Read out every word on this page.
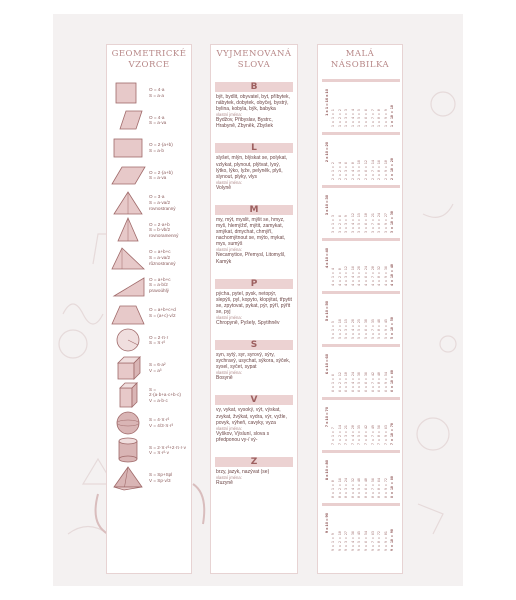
GEOMETRICKÉ
VZORCE
O = 4·a
S = a·a
O = 4·a
S = a·va
O = 2·(a+b)
S = a·b
O = 2·(a+b)
S = a·va
O = 3·a
S = a·va/2
rovnostranný
O = 2·a+b
S = b·vb/2
rovnoramenný
O = a+b+c
S = a·va/2
různostranný
O = a+b+c
S = a·b/2
pravoúhlý
O = a+b+c+d
S = (a+c)·v/2
O = 2·π·r
S = π·r²
S = 6·a²
V = a³
S = 2·(a·b+a·c+b·c)
V = a·b·c
S = 4·π·r²
V = 4/3·π·r³
S = 2·π·r²+2·π·r·v
V = π·r²·v
S = Sp+Spl
V = Sp·v/3
VYJMENOVANÁ
SLOVA
B
být, bydlit, obyvatel, byt, příbytek, nábytek, dobytek, obyčej, bystrý, bylina, kobyla, býk, babyka
vlastní jména:
Bydžov, Přibyslav, Bystrc, Hrabyně, Zbyněk, Zbyšek
L
slyšet, mlýn, blýskat se, polykat, vzlykat, plynout, plýtvat, lysý, lýtko, lýko, lyže, pelyněk, plyš, slynout, plyky, vlys
vlastní jména:
Volyně
M
my, mýt, myslit, mýlit se, hmyz, myš, hlemýžď, mýtit, zamykat, smýkat, dmychat, chmýří, nachomýtnout se, mýto, mykat, mys, sumýš
vlastní jména:
Necamytice, Přemysl, Litomyšl, Kamýk
P
pýcha, pytel, pysk, netopýr, slepýš, pyl, kopyto, klopýtat, třpytit se, zpytovat, pykat, pýr, pýří, pýřit se, pyj
vlastní jména:
Chropyně, Pyšely, Spytihněv
S
syn, sytý, syr, syrový, sýry, sychravý, usychat, sýkora, sýček, sysel, syčet, sypat
vlastní jména:
Bosyně
V
vy, vykat, vysoký, výt, výskat, zvykat, žvýkat, vydra, výr, vyžle, povyk, výheň, cavyky, vyza
vlastní jména:
Vyškov, Výsluní, slova s předponou vy-/ vý-
Z
brzy, jazyk, nazývat (se)
vlastní jména:
Ruzyně
MALÁ
NÁSOBILKA
1 x 1 = 10 x 10
1 x 1 = 1 1 x 2 = 2 1 x 3 = 3 1 x 4 = 4 1 x 5 = 5 1 x 6 = 6 1 x 7 = 7 1 x 8 = 8 1 x 9 = 9 1 x 10 = 10
2 x 10 = 20
2 x 1 = 2 2 x 2 = 4 2 x 3 = 6 2 x 4 = 8 2 x 5 = 10 2 x 6 = 12 2 x 7 = 14 2 x 8 = 16 2 x 9 = 18 2 x 10 = 20
3 x 10 = 30
3 x 1 = 3 3 x 2 = 6 3 x 3 = 9 3 x 4 = 12 3 x 5 = 15 3 x 6 = 18 3 x 7 = 21 3 x 8 = 24 3 x 9 = 27 3 x 10 = 30
4 x 10 = 40
4 x 1 = 4 4 x 2 = 8 4 x 3 = 12 4 x 4 = 16 4 x 5 = 20 4 x 6 = 24 4 x 7 = 28 4 x 8 = 32 4 x 9 = 36 4 x 10 = 40
5 x 10 = 50
5 x 1 = 5 5 x 2 = 10 5 x 3 = 15 5 x 4 = 20 5 x 5 = 25 5 x 6 = 30 5 x 7 = 35 5 x 8 = 40 5 x 9 = 45 5 x 10 = 50
6 x 10 = 60
6 x 1 = 6 6 x 2 = 12 6 x 3 = 18 6 x 4 = 24 6 x 5 = 30 6 x 6 = 36 6 x 7 = 42 6 x 8 = 48 6 x 9 = 54 6 x 10 = 60
7 x 10 = 70
7 x 1 = 7 7 x 2 = 14 7 x 3 = 21 7 x 4 = 28 7 x 5 = 35 7 x 6 = 42 7 x 7 = 49 7 x 8 = 56 7 x 9 = 63 7 x 10 = 70
8 x 10 = 80
8 x 1 = 8 8 x 2 = 16 8 x 3 = 24 8 x 4 = 32 8 x 5 = 40 8 x 6 = 48 8 x 7 = 56 8 x 8 = 64 8 x 9 = 72 8 x 10 = 80
9 x 10 = 90
9 x 1 = 9 9 x 2 = 18 9 x 3 = 27 9 x 4 = 36 9 x 5 = 45 9 x 6 = 54 9 x 7 = 63 9 x 8 = 72 9 x 9 = 81 9 x 10 = 90
